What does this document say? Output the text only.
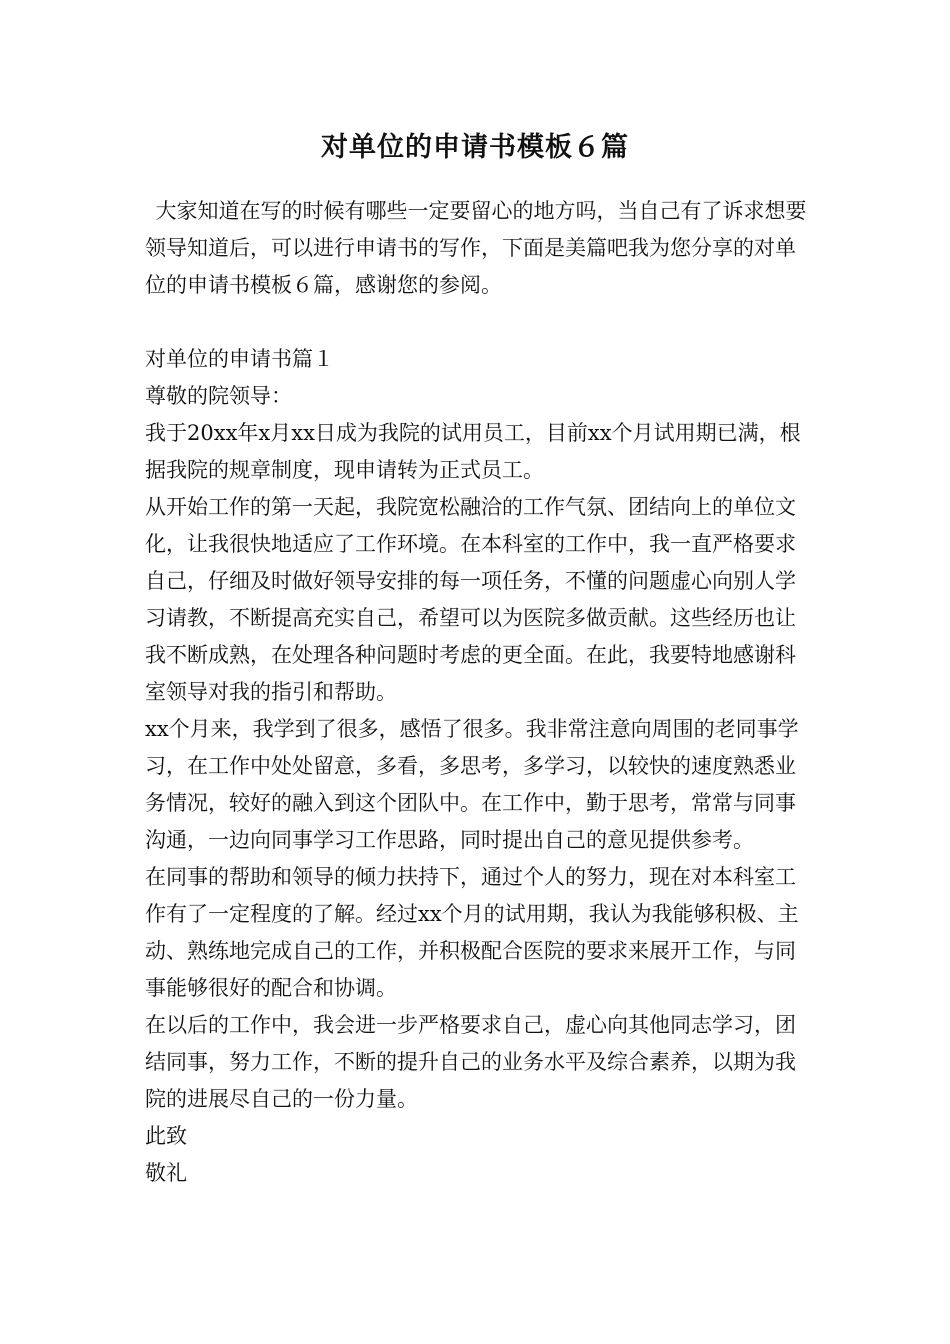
对单位的申请书模板６篇

大家知道在写的时候有哪些一定要留心的地方吗，当自己有了诉求想要领导知道后，可以进行申请书的写作，下面是美篇吧我为您分享的对单位的申请书模板６篇，感谢您的参阅。

对单位的申请书篇１

尊敬的院领导：

我于20xx年x月xx日成为我院的试用员工，目前xx个月试用期已满，根据我院的规章制度，现申请转为正式员工。

从开始工作的第一天起，我院宽松融洽的工作气氛、团结向上的单位文化，让我很快地适应了工作环境。在本科室的工作中，我一直严格要求自己，仔细及时做好领导安排的每一项任务，不懂的问题虚心向别人学习请教，不断提高充实自己，希望可以为医院多做贡献。这些经历也让我不断成熟，在处理各种问题时考虑的更全面。在此，我要特地感谢科室领导对我的指引和帮助。

xx个月来，我学到了很多，感悟了很多。我非常注意向周围的老同事学习，在工作中处处留意，多看，多思考，多学习，以较快的速度熟悉业务情况，较好的融入到这个团队中。在工作中，勤于思考，常常与同事沟通，一边向同事学习工作思路，同时提出自己的意见提供参考。

在同事的帮助和领导的倾力扶持下，通过个人的努力，现在对本科室工作有了一定程度的了解。经过xx个月的试用期，我认为我能够积极、主动、熟练地完成自己的工作，并积极配合医院的要求来展开工作，与同事能够很好的配合和协调。

在以后的工作中，我会进一步严格要求自己，虚心向其他同志学习，团结同事，努力工作，不断的提升自己的业务水平及综合素养，以期为我院的进展尽自己的一份力量。

此致

敬礼
